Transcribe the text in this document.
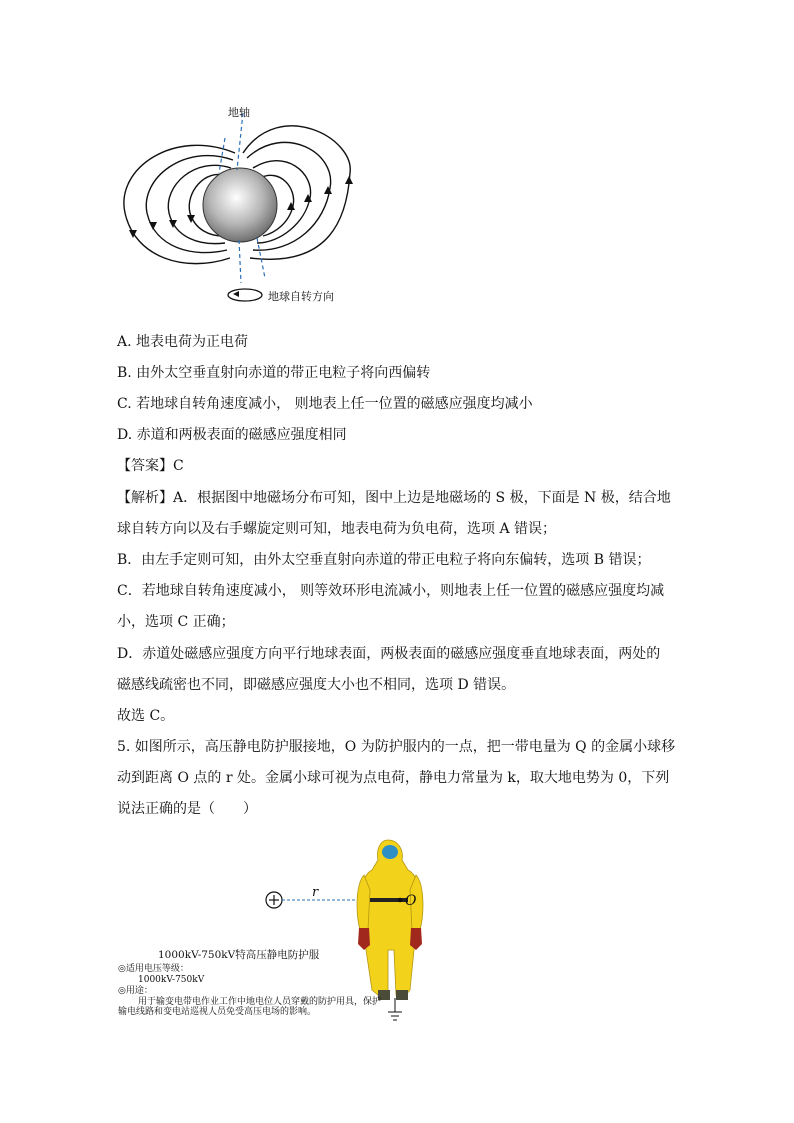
地轴
地球自转方向
A. 地表电荷为正电荷
B. 由外太空垂直射向赤道的带正电粒子将向西偏转
C. 若地球自转角速度减小， 则地表上任一位置的磁感应强度均减小
D. 赤道和两极表面的磁感应强度相同
【答案】C
【解析】A．根据图中地磁场分布可知，图中上边是地磁场的 S 极，下面是 N 极，结合地
球自转方向以及右手螺旋定则可知，地表电荷为负电荷，选项 A 错误；
B．由左手定则可知，由外太空垂直射向赤道的带正电粒子将向东偏转，选项 B 错误；
C．若地球自转角速度减小， 则等效环形电流减小，则地表上任一位置的磁感应强度均减
小，选项 C 正确；
D．赤道处磁感应强度方向平行地球表面，两极表面的磁感应强度垂直地球表面，两处的
磁感线疏密也不同，即磁感应强度大小也不相同，选项 D 错误。
故选 C。
5. 如图所示，高压静电防护服接地，O 为防护服内的一点，把一带电量为 Q 的金属小球移
动到距离 O 点的 r 处。金属小球可视为点电荷，静电力常量为 k，取大地电势为 0，下列
说法正确的是（　　）
r
O
1000kV-750kV特高压静电防护服
◎适用电压等级：
1000kV-750kV
◎用途：
用于输变电带电作业工作中地电位人员穿戴的防护用具，保护
输电线路和变电站巡视人员免受高压电场的影响。
